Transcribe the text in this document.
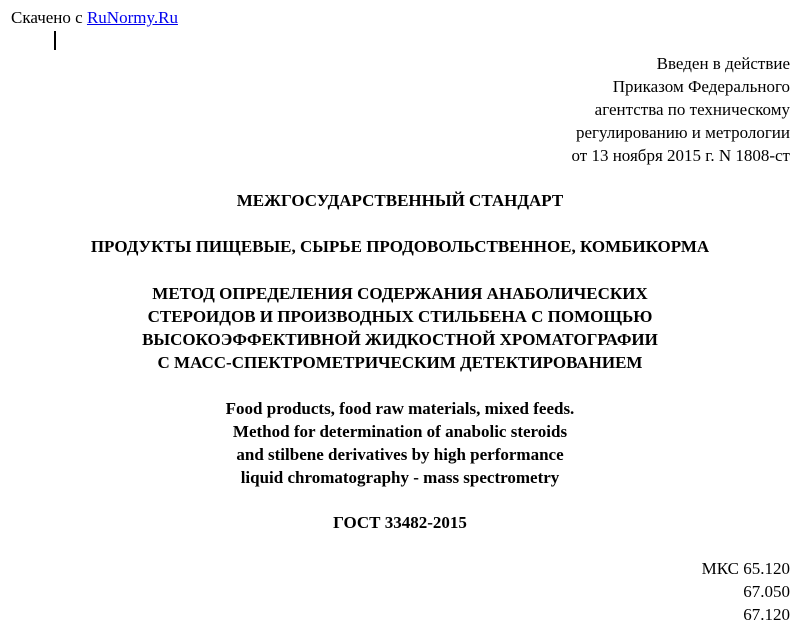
Скачено с RuNormy.Ru
Введен в действие
Приказом Федерального
агентства по техническому
регулированию и метрологии
от 13 ноября 2015 г. N 1808-ст
МЕЖГОСУДАРСТВЕННЫЙ СТАНДАРТ
ПРОДУКТЫ ПИЩЕВЫЕ, СЫРЬЕ ПРОДОВОЛЬСТВЕННОЕ, КОМБИКОРМА
МЕТОД ОПРЕДЕЛЕНИЯ СОДЕРЖАНИЯ АНАБОЛИЧЕСКИХ
СТЕРОИДОВ И ПРОИЗВОДНЫХ СТИЛЬБЕНА С ПОМОЩЬЮ
ВЫСОКОЭФФЕКТИВНОЙ ЖИДКОСТНОЙ ХРОМАТОГРАФИИ
С МАСС-СПЕКТРОМЕТРИЧЕСКИМ ДЕТЕКТИРОВАНИЕМ
Food products, food raw materials, mixed feeds.
Method for determination of anabolic steroids
and stilbene derivatives by high performance
liquid chromatography - mass spectrometry
ГОСТ 33482-2015
МКС 65.120
67.050
67.120
